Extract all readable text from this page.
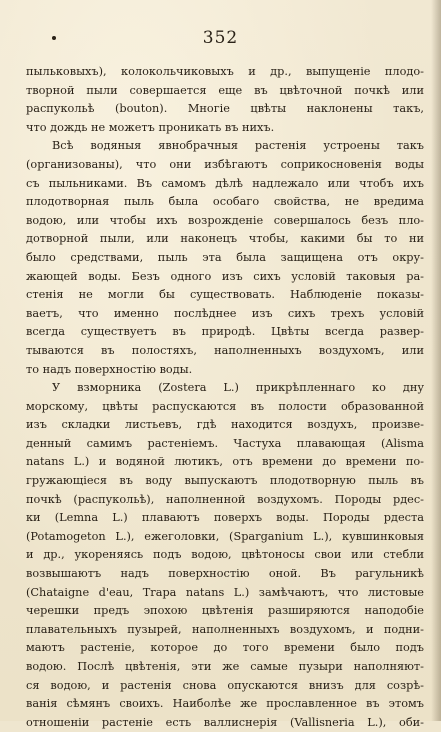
352
пыльковыхъ), колокольчиковыхъ и др., выпущеніе плодо-
творной пыли совершается еще въ цвѣточной почкѣ или
распукольѣ (bouton). Многіе цвѣты наклонены такъ,
что дождь не можетъ проникать въ нихъ.
Всѣ водяныя явнобрачныя растенія устроены такъ
(организованы), что они избѣгаютъ соприкосновенія воды
съ пыльниками. Въ самомъ дѣлѣ надлежало или чтобъ ихъ
плодотворная пыль была особаго свойства, не вредима
водою, или чтобы ихъ возрожденіе совершалось безъ пло-
дотворной пыли, или наконецъ чтобы, какими бы то ни
было средствами, пыль эта была защищена отъ окру-
жающей воды. Безъ одного изъ сихъ условій таковыя ра-
стенія не могли бы существовать. Наблюденіе показы-
ваетъ, что именно послѣднее изъ сихъ трехъ условій
всегда существуетъ въ природѣ. Цвѣты всегда развер-
тываются въ полостяхъ, наполненныхъ воздухомъ, или
то надъ поверхностію воды.
У взморника (Zostera L.) прикрѣпленнаго ко дну
морскому, цвѣты распускаются въ полости образованной
изъ складки листьевъ, гдѣ находится воздухъ, произве-
денный самимъ растеніемъ. Частуха плавающая (Alisma
natans L.) и водяной лютикъ, отъ времени до времени по-
гружающіеся въ воду выпускаютъ плодотворную пыль въ
почкѣ (распукольѣ), наполненной воздухомъ. Породы рдес-
ки (Lemna L.) плаваютъ поверхъ воды. Породы рдеста
(Potamogeton L.), ежеголовки, (Sparganium L.), кувшинковыя
и др., укореняясь подъ водою, цвѣтоносы свои или стебли
возвышаютъ надъ поверхностію оной. Въ рагульникѣ
(Chataigne d'eau, Trapa natans L.) замѣчаютъ, что листовые
черешки предъ эпохою цвѣтенія разширяются наподобіе
плавательныхъ пузырей, наполненныхъ воздухомъ, и подни-
маютъ растеніе, которое до того времени было подъ
водою. Послѣ цвѣтенія, эти же самые пузыри наполняют-
ся водою, и растенія снова опускаются внизъ для созрѣ-
ванія сѣмянъ своихъ. Наиболѣе же прославленное въ этомъ
отношеніи растеніе есть валлиснерія (Vallisneria L.), оби-
